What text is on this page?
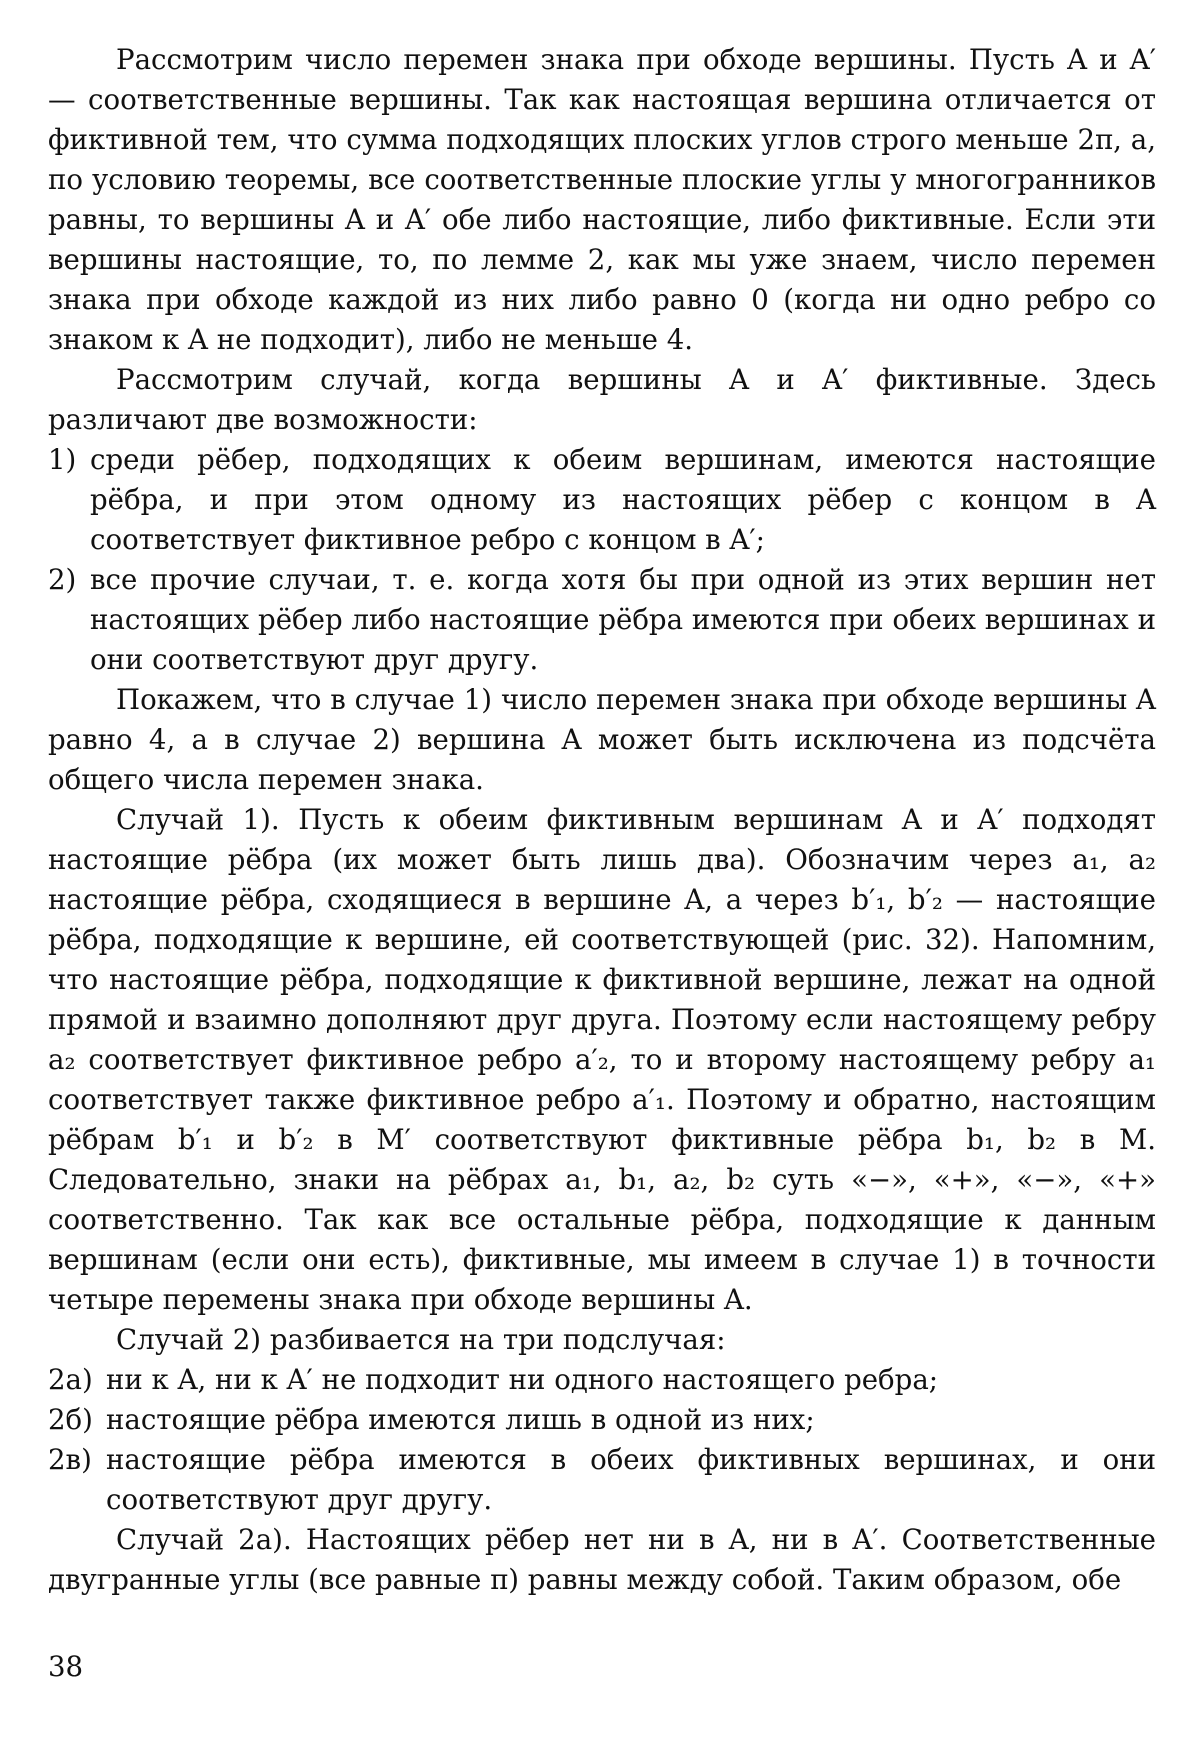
Рассмотрим число перемен знака при обходе вершины. Пусть A и A′ — соответственные вершины. Так как настоящая вершина отличается от фиктивной тем, что сумма подходящих плоских углов строго меньше 2π, а, по условию теоремы, все соответственные плоские углы у многогранников равны, то вершины A и A′ обе либо настоящие, либо фиктивные. Если эти вершины настоящие, то, по лемме 2, как мы уже знаем, число перемен знака при обходе каждой из них либо равно 0 (когда ни одно ребро со знаком к A не подходит), либо не меньше 4.

Рассмотрим случай, когда вершины A и A′ фиктивные. Здесь различают две возможности:

1) среди рёбер, подходящих к обеим вершинам, имеются настоящие рёбра, и при этом одному из настоящих рёбер с концом в A соответствует фиктивное ребро с концом в A′;
2) все прочие случаи, т. е. когда хотя бы при одной из этих вершин нет настоящих рёбер либо настоящие рёбра имеются при обеих вершинах и они соответствуют друг другу.

Покажем, что в случае 1) число перемен знака при обходе вершины A равно 4, а в случае 2) вершина A может быть исключена из подсчёта общего числа перемен знака.

Случай 1). Пусть к обеим фиктивным вершинам A и A′ подходят настоящие рёбра (их может быть лишь два). Обозначим через a₁, a₂ настоящие рёбра, сходящиеся в вершине A, а через b′₁, b′₂ — настоящие рёбра, подходящие к вершине, ей соответствующей (рис. 32). Напомним, что настоящие рёбра, подходящие к фиктивной вершине, лежат на одной прямой и взаимно дополняют друг друга. Поэтому если настоящему ребру a₂ соответствует фиктивное ребро a′₂, то и второму настоящему ребру a₁ соответствует также фиктивное ребро a′₁. Поэтому и обратно, настоящим рёбрам b′₁ и b′₂ в M′ соответствуют фиктивные рёбра b₁, b₂ в M. Следовательно, знаки на рёбрах a₁, b₁, a₂, b₂ суть «−», «+», «−», «+» соответственно. Так как все остальные рёбра, подходящие к данным вершинам (если они есть), фиктивные, мы имеем в случае 1) в точности четыре перемены знака при обходе вершины A.

Случай 2) разбивается на три подслучая:

2а) ни к A, ни к A′ не подходит ни одного настоящего ребра;
2б) настоящие рёбра имеются лишь в одной из них;
2в) настоящие рёбра имеются в обеих фиктивных вершинах, и они соответствуют друг другу.

Случай 2а). Настоящих рёбер нет ни в A, ни в A′. Соответственные двугранные углы (все равные π) равны между собой. Таким образом, обе

38
